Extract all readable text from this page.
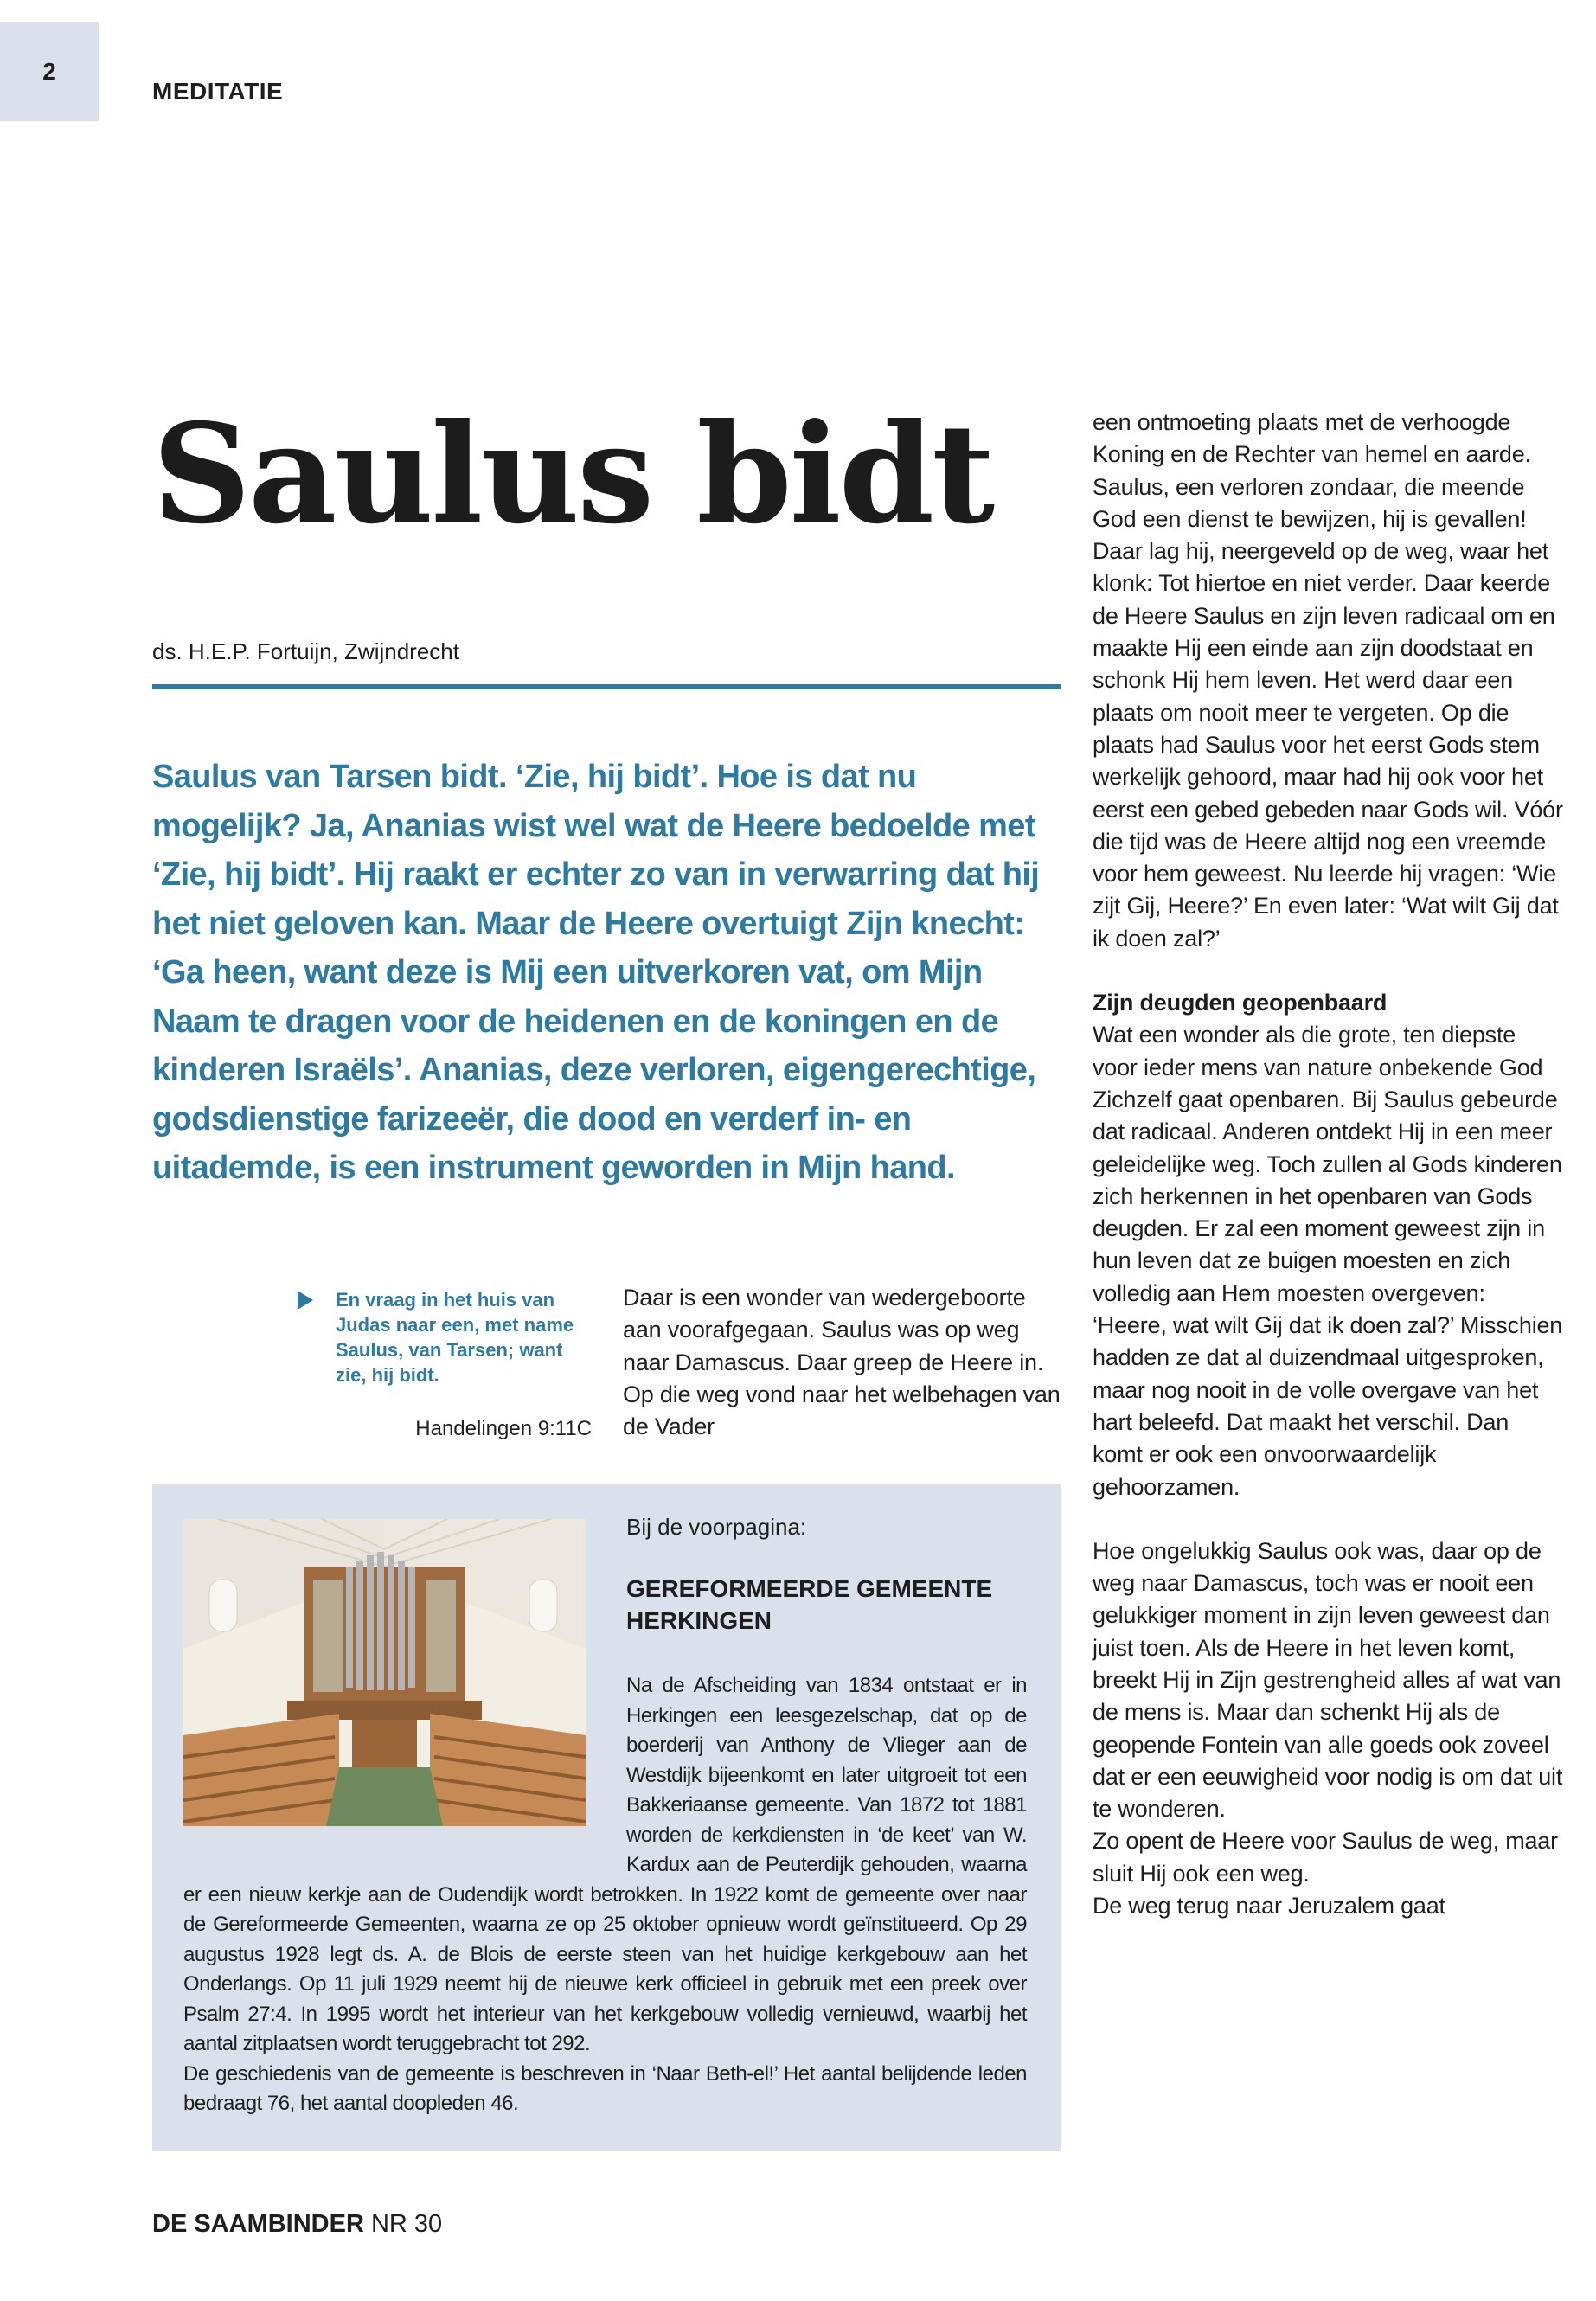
2
MEDITATIE
Saulus bidt
ds. H.E.P. Fortuijn, Zwijndrecht

Saulus van Tarsen bidt. ‘Zie, hij bidt’. Hoe is dat nu mogelijk? Ja, Ananias wist wel wat de Heere bedoelde met ‘Zie, hij bidt’. Hij raakt er echter zo van in verwarring dat hij het niet geloven kan. Maar de Heere overtuigt Zijn knecht: ‘Ga heen, want deze is Mij een uitverkoren vat, om Mijn Naam te dragen voor de heidenen en de koningen en de kinderen Israëls’. Ananias, deze verloren, eigengerechtige, godsdienstige farizeeër, die dood en verderf in- en uitademde, is een instrument geworden in Mijn hand.

En vraag in het huis van Judas naar een, met name Saulus, van Tarsen; want zie, hij bidt.
Handelingen 9:11C

Daar is een wonder van wedergeboorte aan voorafgegaan. Saulus was op weg naar Damascus. Daar greep de Heere in. Op die weg vond naar het welbehagen van de Vader

Bij de voorpagina:
GEREFORMEERDE GEMEENTE HERKINGEN
Na de Afscheiding van 1834 ontstaat er in Herkingen een leesgezelschap, dat op de boerderij van Anthony de Vlieger aan de Westdijk bijeenkomt en later uitgroeit tot een Bakkeriaanse gemeente. Van 1872 tot 1881 worden de kerkdiensten in ‘de keet’ van W. Kardux aan de Peuterdijk gehouden, waarna er een nieuw kerkje aan de Oudendijk wordt betrokken. In 1922 komt de gemeente over naar de Gereformeerde Gemeenten, waarna ze op 25 oktober opnieuw wordt geïnstitueerd. Op 29 augustus 1928 legt ds. A. de Blois de eerste steen van het huidige kerkgebouw aan het Onderlangs. Op 11 juli 1929 neemt hij de nieuwe kerk officieel in gebruik met een preek over Psalm 27:4. In 1995 wordt het interieur van het kerkgebouw volledig vernieuwd, waarbij het aantal zitplaatsen wordt teruggebracht tot 292.
De geschiedenis van de gemeente is beschreven in ‘Naar Beth-el!’ Het aantal belijdende leden bedraagt 76, het aantal doopleden 46.

een ontmoeting plaats met de verhoogde Koning en de Rechter van hemel en aarde. Saulus, een verloren zondaar, die meende God een dienst te bewijzen, hij is gevallen! Daar lag hij, neergeveld op de weg, waar het klonk: Tot hiertoe en niet verder. Daar keerde de Heere Saulus en zijn leven radicaal om en maakte Hij een einde aan zijn doodstaat en schonk Hij hem leven. Het werd daar een plaats om nooit meer te vergeten. Op die plaats had Saulus voor het eerst Gods stem werkelijk gehoord, maar had hij ook voor het eerst een gebed gebeden naar Gods wil. Vóór die tijd was de Heere altijd nog een vreemde voor hem geweest. Nu leerde hij vragen: ‘Wie zijt Gij, Heere?’ En even later: ‘Wat wilt Gij dat ik doen zal?’

Zijn deugden geopenbaard

Wat een wonder als die grote, ten diepste voor ieder mens van nature onbekende God Zichzelf gaat openbaren. Bij Saulus gebeurde dat radicaal. Anderen ontdekt Hij in een meer geleidelijke weg. Toch zullen al Gods kinderen zich herkennen in het openbaren van Gods deugden. Er zal een moment geweest zijn in hun leven dat ze buigen moesten en zich volledig aan Hem moesten overgeven: ‘Heere, wat wilt Gij dat ik doen zal?’ Misschien hadden ze dat al duizendmaal uitgesproken, maar nog nooit in de volle overgave van het hart beleefd. Dat maakt het verschil. Dan komt er ook een onvoorwaardelijk gehoorzamen.

Hoe ongelukkig Saulus ook was, daar op de weg naar Damascus, toch was er nooit een gelukkiger moment in zijn leven geweest dan juist toen. Als de Heere in het leven komt, breekt Hij in Zijn gestrengheid alles af wat van de mens is. Maar dan schenkt Hij als de geopende Fontein van alle goeds ook zoveel dat er een eeuwigheid voor nodig is om dat uit te wonderen.

Zo opent de Heere voor Saulus de weg, maar sluit Hij ook een weg.

De weg terug naar Jeruzalem gaat

DE SAAMBINDER NR 30
